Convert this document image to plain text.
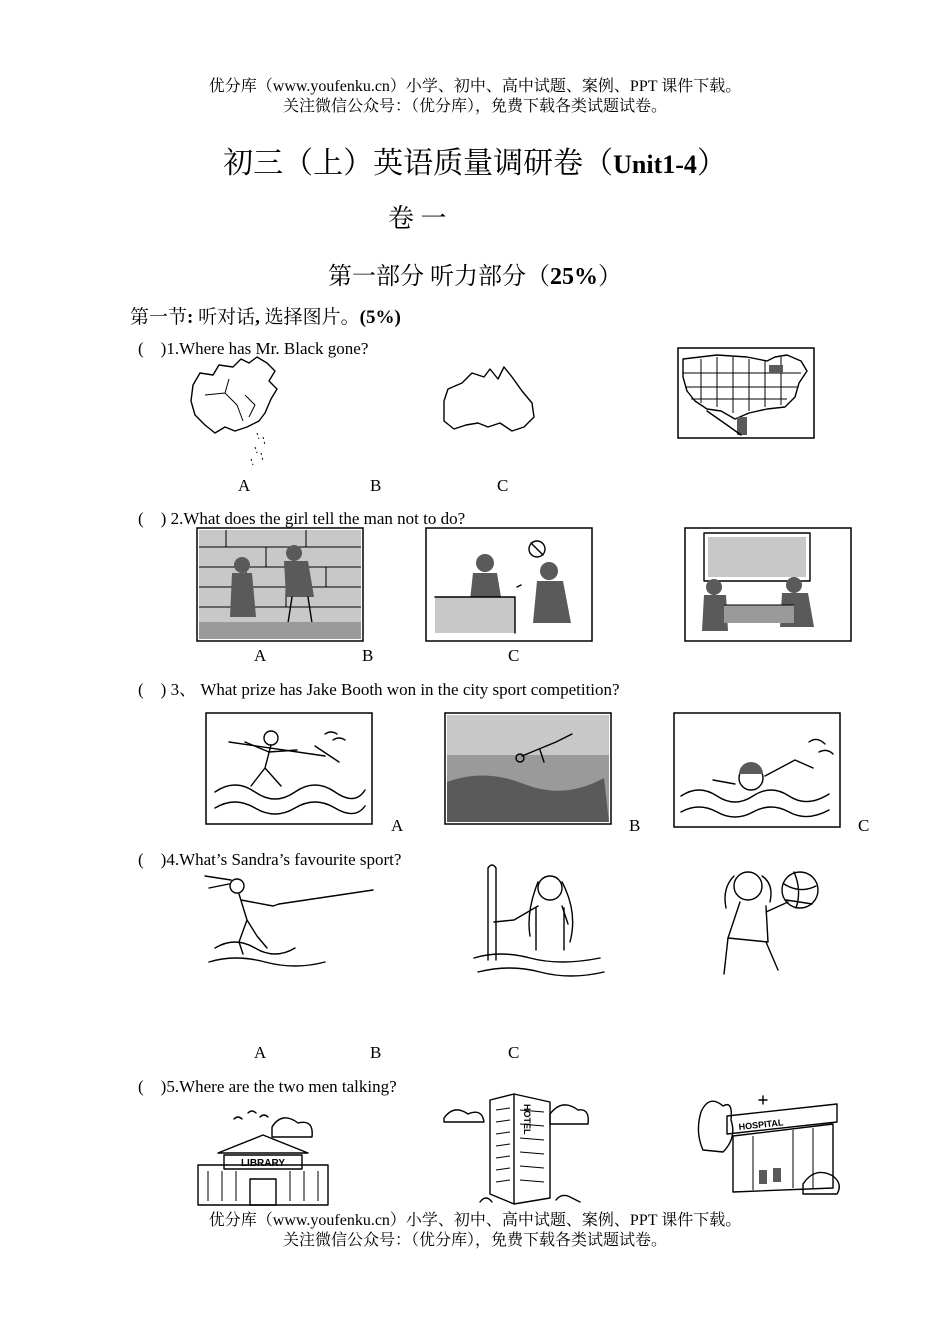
优分库（www.youfenku.cn）小学、初中、高中试题、案例、PPT 课件下载。
关注微信公众号：（优分库），免费下载各类试题试卷。
初三（上）英语质量调研卷（Unit1-4）
卷 一
第一部分 听力部分（25%）
第一节: 听对话, 选择图片。(5%)
(　)1.Where has Mr. Black gone?
A	B	C
(　) 2.What does the girl tell the man not to do?
A	B	C
(　) 3、 What prize has Jake Booth won in the city sport competition?
A	B	C
(　)4.What’s Sandra’s favourite sport?
A	B	C
(　)5.Where are the two men talking?
LIBRARY
HOTEL	HOSPITAL
优分库（www.youfenku.cn）小学、初中、高中试题、案例、PPT 课件下载。
关注微信公众号：（优分库），免费下载各类试题试卷。
